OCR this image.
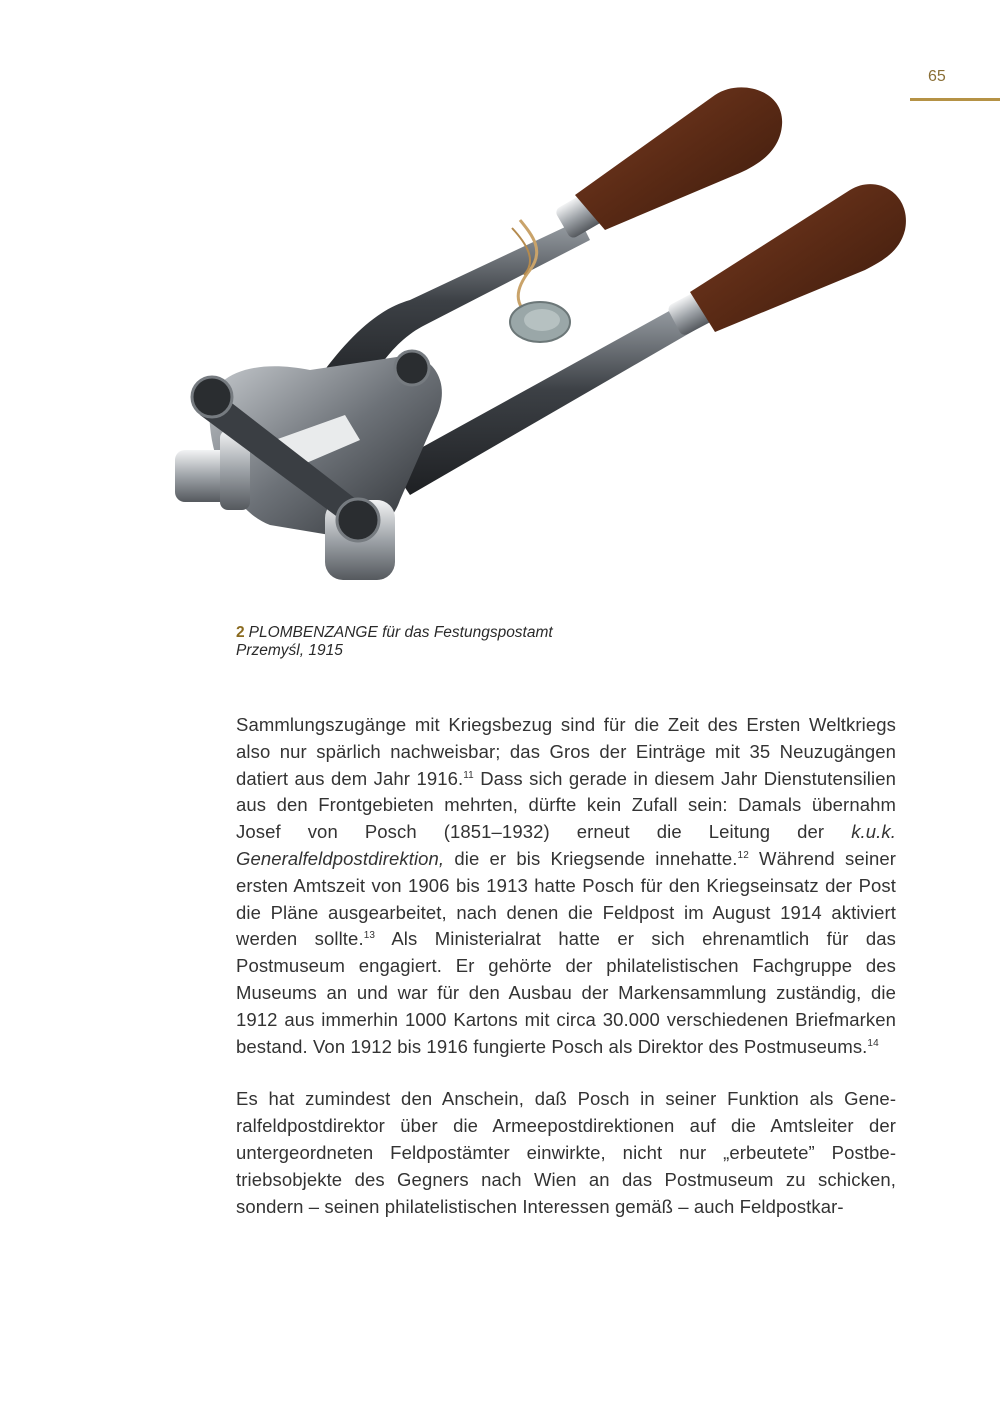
65
2 PLOMBENZANGE für das Festungspostamt
Przemyśl, 1915

Sammlungszugänge mit Kriegsbezug sind für die Zeit des Ersten Weltkriegs also nur spärlich nachweisbar; das Gros der Einträge mit 35 Neuzugängen datiert aus dem Jahr 1916.11 Dass sich gerade in diesem Jahr Dienstutensilien aus den Frontgebieten mehrten, dürfte kein Zufall sein: Damals übernahm Josef von Posch (1851–1932) erneut die Leitung der k.u.k. Generalfeldpostdirektion, die er bis Kriegsende innehatte.$^{12}$ Während seiner ersten Amtszeit von 1906 bis 1913 hatte Posch für den Kriegseinsatz der Post die Pläne ausgearbeitet, nach denen die Feldpost im August 1914 aktiviert werden sollte.$^{13}$ Als Ministerialrat hatte er sich ehrenamtlich für das Postmuseum engagiert. Er gehörte der philatelistischen Fachgruppe des Museums an und war für den Ausbau der Markensammlung zuständig, die 1912 aus immerhin 1000 Kartons mit circa 30.000 verschiedenen Briefmarken bestand. Von 1912 bis 1916 fungierte Posch als Direktor des Postmuseums.$^{14}$

Es hat zumindest den Anschein, daß Posch in seiner Funktion als Generalfeldpostdirektor über die Armeepostdirektionen auf die Amtsleiter der untergeordneten Feldpostämter einwirkte, nicht nur „erbeutete” Postbetriebsobjekte des Gegners nach Wien an das Postmuseum zu schicken, sondern – seinen philatelistischen Interessen gemäß – auch Feldpostkar-
